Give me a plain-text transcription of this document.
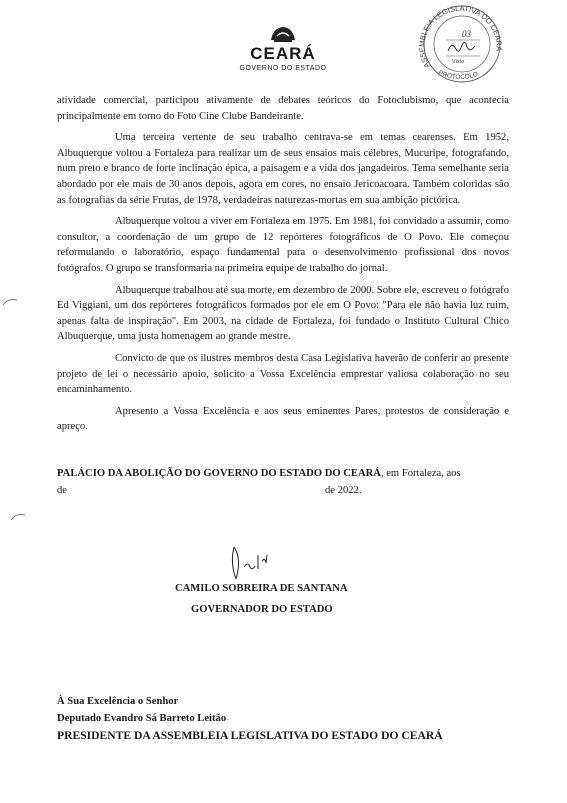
CEARÁ
GOVERNO DO ESTADO	ASSEMBLEIA LEGISLATIVA DO CEARÁ
PROTOCOLO
03
Visto

atividade comercial, participou ativamente de debates teóricos do Fotoclubismo, que acontecia principalmente em torno do Foto Cine Clube Bandeirante.

Uma terceira vertente de seu trabalho centrava-se em temas cearenses. Em 1952, Albuquerque voltou a Fortaleza para realizar um de seus ensaios mais célebres, Mucuripe, fotografando, num preto e branco de forte inclinação épica, a paisagem e a vida dos jangadeiros. Tema semelhante seria abordado por ele mais de 30 anos depois, agora em cores, no ensaio Jericoacoara. Também coloridas são as fotografias da série Frutas, de 1978, verdadeiras naturezas-mortas em sua ambição pictórica.

Albuquerque voltou a viver em Fortaleza em 1975. Em 1981, foi convidado a assumir, como consultor, a coordenação de um grupo de 12 repórteres fotográficos de O Povo. Ele começou reformulando o laboratório, espaço fundamental para o desenvolvimento profissional dos novos fotógrafos. O grupo se transformaria na primeira equipe de trabalho do jornal.

Albuquerque trabalhou até sua morte, em dezembro de 2000. Sobre ele, escreveu o fotógrafo Ed Viggiani, um dos repórteres fotográficos formados por ele em O Povo: "Para ele não havia luz ruim, apenas falta de inspiração". Em 2003, na cidade de Fortaleza, foi fundado o Instituto Cultural Chico Albuquerque, uma justa homenagem ao grande mestre.

Convicto de que os ilustres membros desta Casa Legislativa haverão de conferir ao presente projeto de lei o necessário apoio, solicito a Vossa Excelência emprestar valiosa colaboração no seu encaminhamento.

Apresento a Vossa Excelência e aos seus eminentes Pares, protestos de consideração e apreço.

PALÁCIO DA ABOLIÇÃO DO GOVERNO DO ESTADO DO CEARÁ, em Fortaleza, aos
de	de 2022.
CAMILO SOBREIRA DE SANTANA
GOVERNADOR DO ESTADO
À Sua Excelência o Senhor
Deputado Evandro Sá Barreto Leitão
PRESIDENTE DA ASSEMBLEIA LEGISLATIVA DO ESTADO DO CEARÁ
